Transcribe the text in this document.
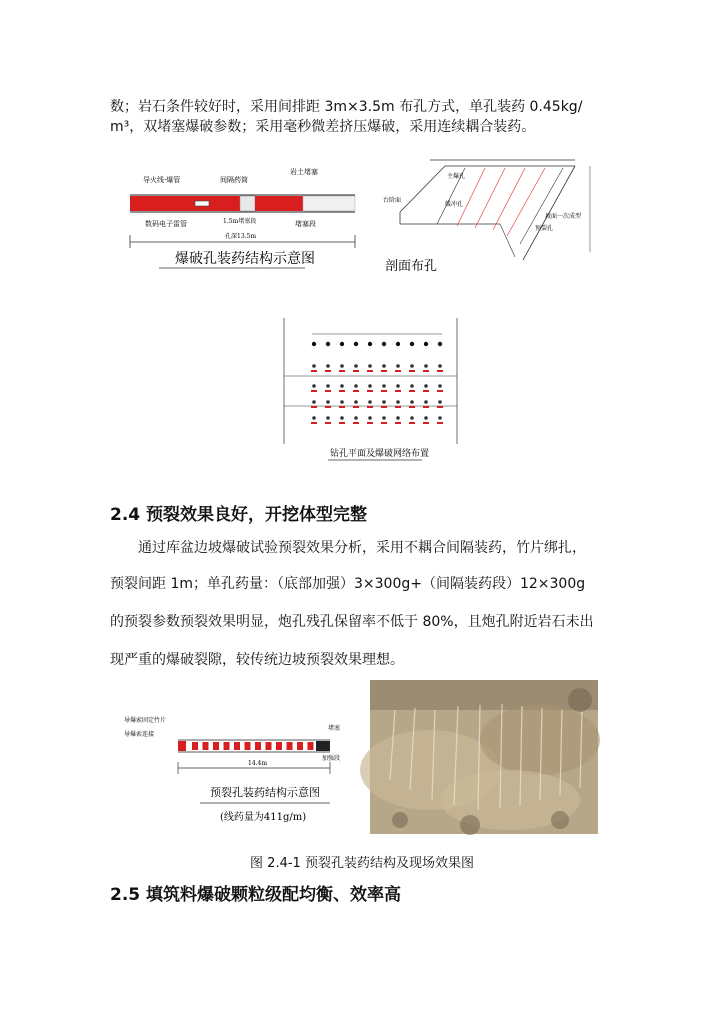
数；岩石条件较好时，采用间排距 3m×3.5m 布孔方式，单孔装药 0.45kg/
m³，双堵塞爆破参数；采用毫秒微差挤压爆破，采用连续耦合装药。
导火线·爆管
数码电子雷管
间隔药筒
1.5m堵塞段
岩土堵塞
堵塞段
孔深13.5m
爆破孔装药结构示意图
主爆孔
缓冲孔
预裂孔
台阶面
坡面一次成型
剖面布孔
钻孔平面及爆破网络布置
2.4 预裂效果良好，开挖体型完整
通过库盆边坡爆破试验预裂效果分析，采用不耦合间隔装药，竹片绑扎，
预裂间距 1m；单孔药量：（底部加强）3×300g+（间隔装药段）12×300g
的预裂参数预裂效果明显，炮孔残孔保留率不低于 80%，且炮孔附近岩石未出
现严重的爆破裂隙，较传统边坡预裂效果理想。
导爆索固定竹片
导爆索连接
堵塞
加强段
14.4m
预裂孔装药结构示意图
(线药量为411g/m)
图 2.4-1 预裂孔装药结构及现场效果图
2.5 填筑料爆破颗粒级配均衡、效率高
